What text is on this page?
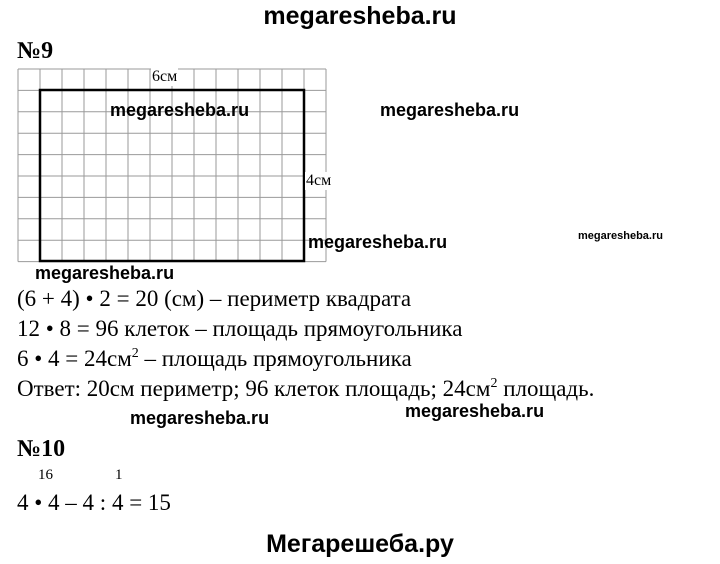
megaresheba.ru
№9
6см
4см
megaresheba.ru	megaresheba.ru
megaresheba.ru	megaresheba.ru
megaresheba.ru
(6 + 4) • 2 = 20 (см) – периметр квадрата
12 • 8 = 96 клеток – площадь прямоугольника
6 • $4 = 24см^2$ – площадь прямоугольника
Ответ: 20см периметр; 96 клеток площадь; $24см^2$ площадь.
megaresheba.ru	megaresheba.ru
№10
16	1
4 • 4 – 4 : 4 = 15
Мегарешеба.ру
